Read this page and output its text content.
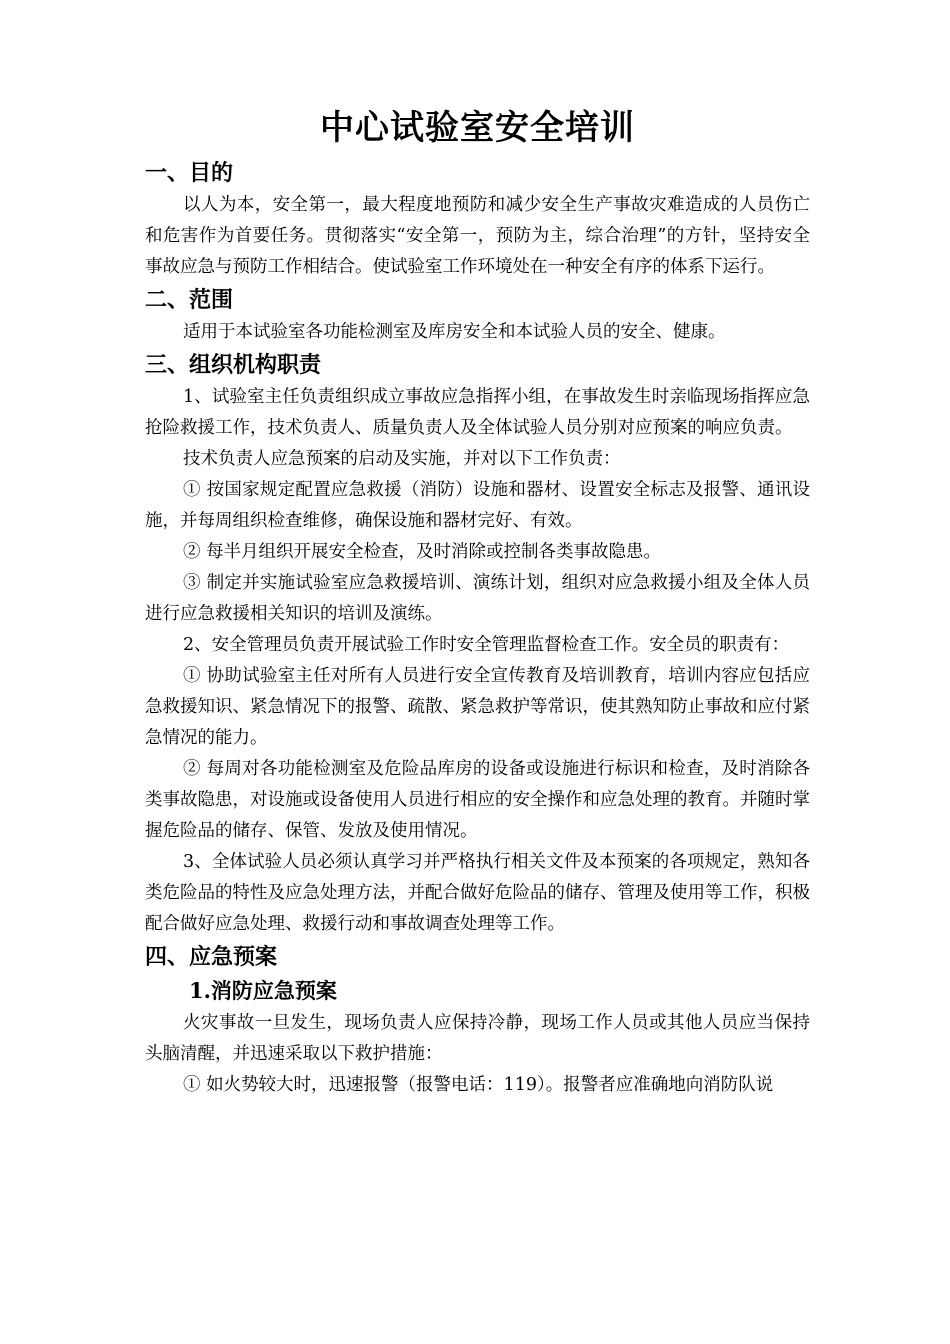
中心试验室安全培训
一、目的

以人为本，安全第一，最大程度地预防和减少安全生产事故灾难造成的人员伤亡和危害作为首要任务。贯彻落实“安全第一，预防为主，综合治理”的方针，坚持安全事故应急与预防工作相结合。使试验室工作环境处在一种安全有序的体系下运行。

二、范围

适用于本试验室各功能检测室及库房安全和本试验人员的安全、健康。

三、组织机构职责

1、试验室主任负责组织成立事故应急指挥小组，在事故发生时亲临现场指挥应急抢险救援工作，技术负责人、质量负责人及全体试验人员分别对应预案的响应负责。

技术负责人应急预案的启动及实施，并对以下工作负责：

① 按国家规定配置应急救援（消防）设施和器材、设置安全标志及报警、通讯设施，并每周组织检查维修，确保设施和器材完好、有效。

② 每半月组织开展安全检查，及时消除或控制各类事故隐患。

③ 制定并实施试验室应急救援培训、演练计划，组织对应急救援小组及全体人员进行应急救援相关知识的培训及演练。

2、安全管理员负责开展试验工作时安全管理监督检查工作。安全员的职责有：

① 协助试验室主任对所有人员进行安全宣传教育及培训教育，培训内容应包括应急救援知识、紧急情况下的报警、疏散、紧急救护等常识，使其熟知防止事故和应付紧急情况的能力。

② 每周对各功能检测室及危险品库房的设备或设施进行标识和检查，及时消除各类事故隐患，对设施或设备使用人员进行相应的安全操作和应急处理的教育。并随时掌握危险品的储存、保管、发放及使用情况。

3、全体试验人员必须认真学习并严格执行相关文件及本预案的各项规定，熟知各类危险品的特性及应急处理方法，并配合做好危险品的储存、管理及使用等工作，积极配合做好应急处理、救援行动和事故调查处理等工作。

四、应急预案
1.消防应急预案

火灾事故一旦发生，现场负责人应保持冷静，现场工作人员或其他人员应当保持头脑清醒，并迅速采取以下救护措施：

① 如火势较大时，迅速报警（报警电话：119）。报警者应准确地向消防队说
